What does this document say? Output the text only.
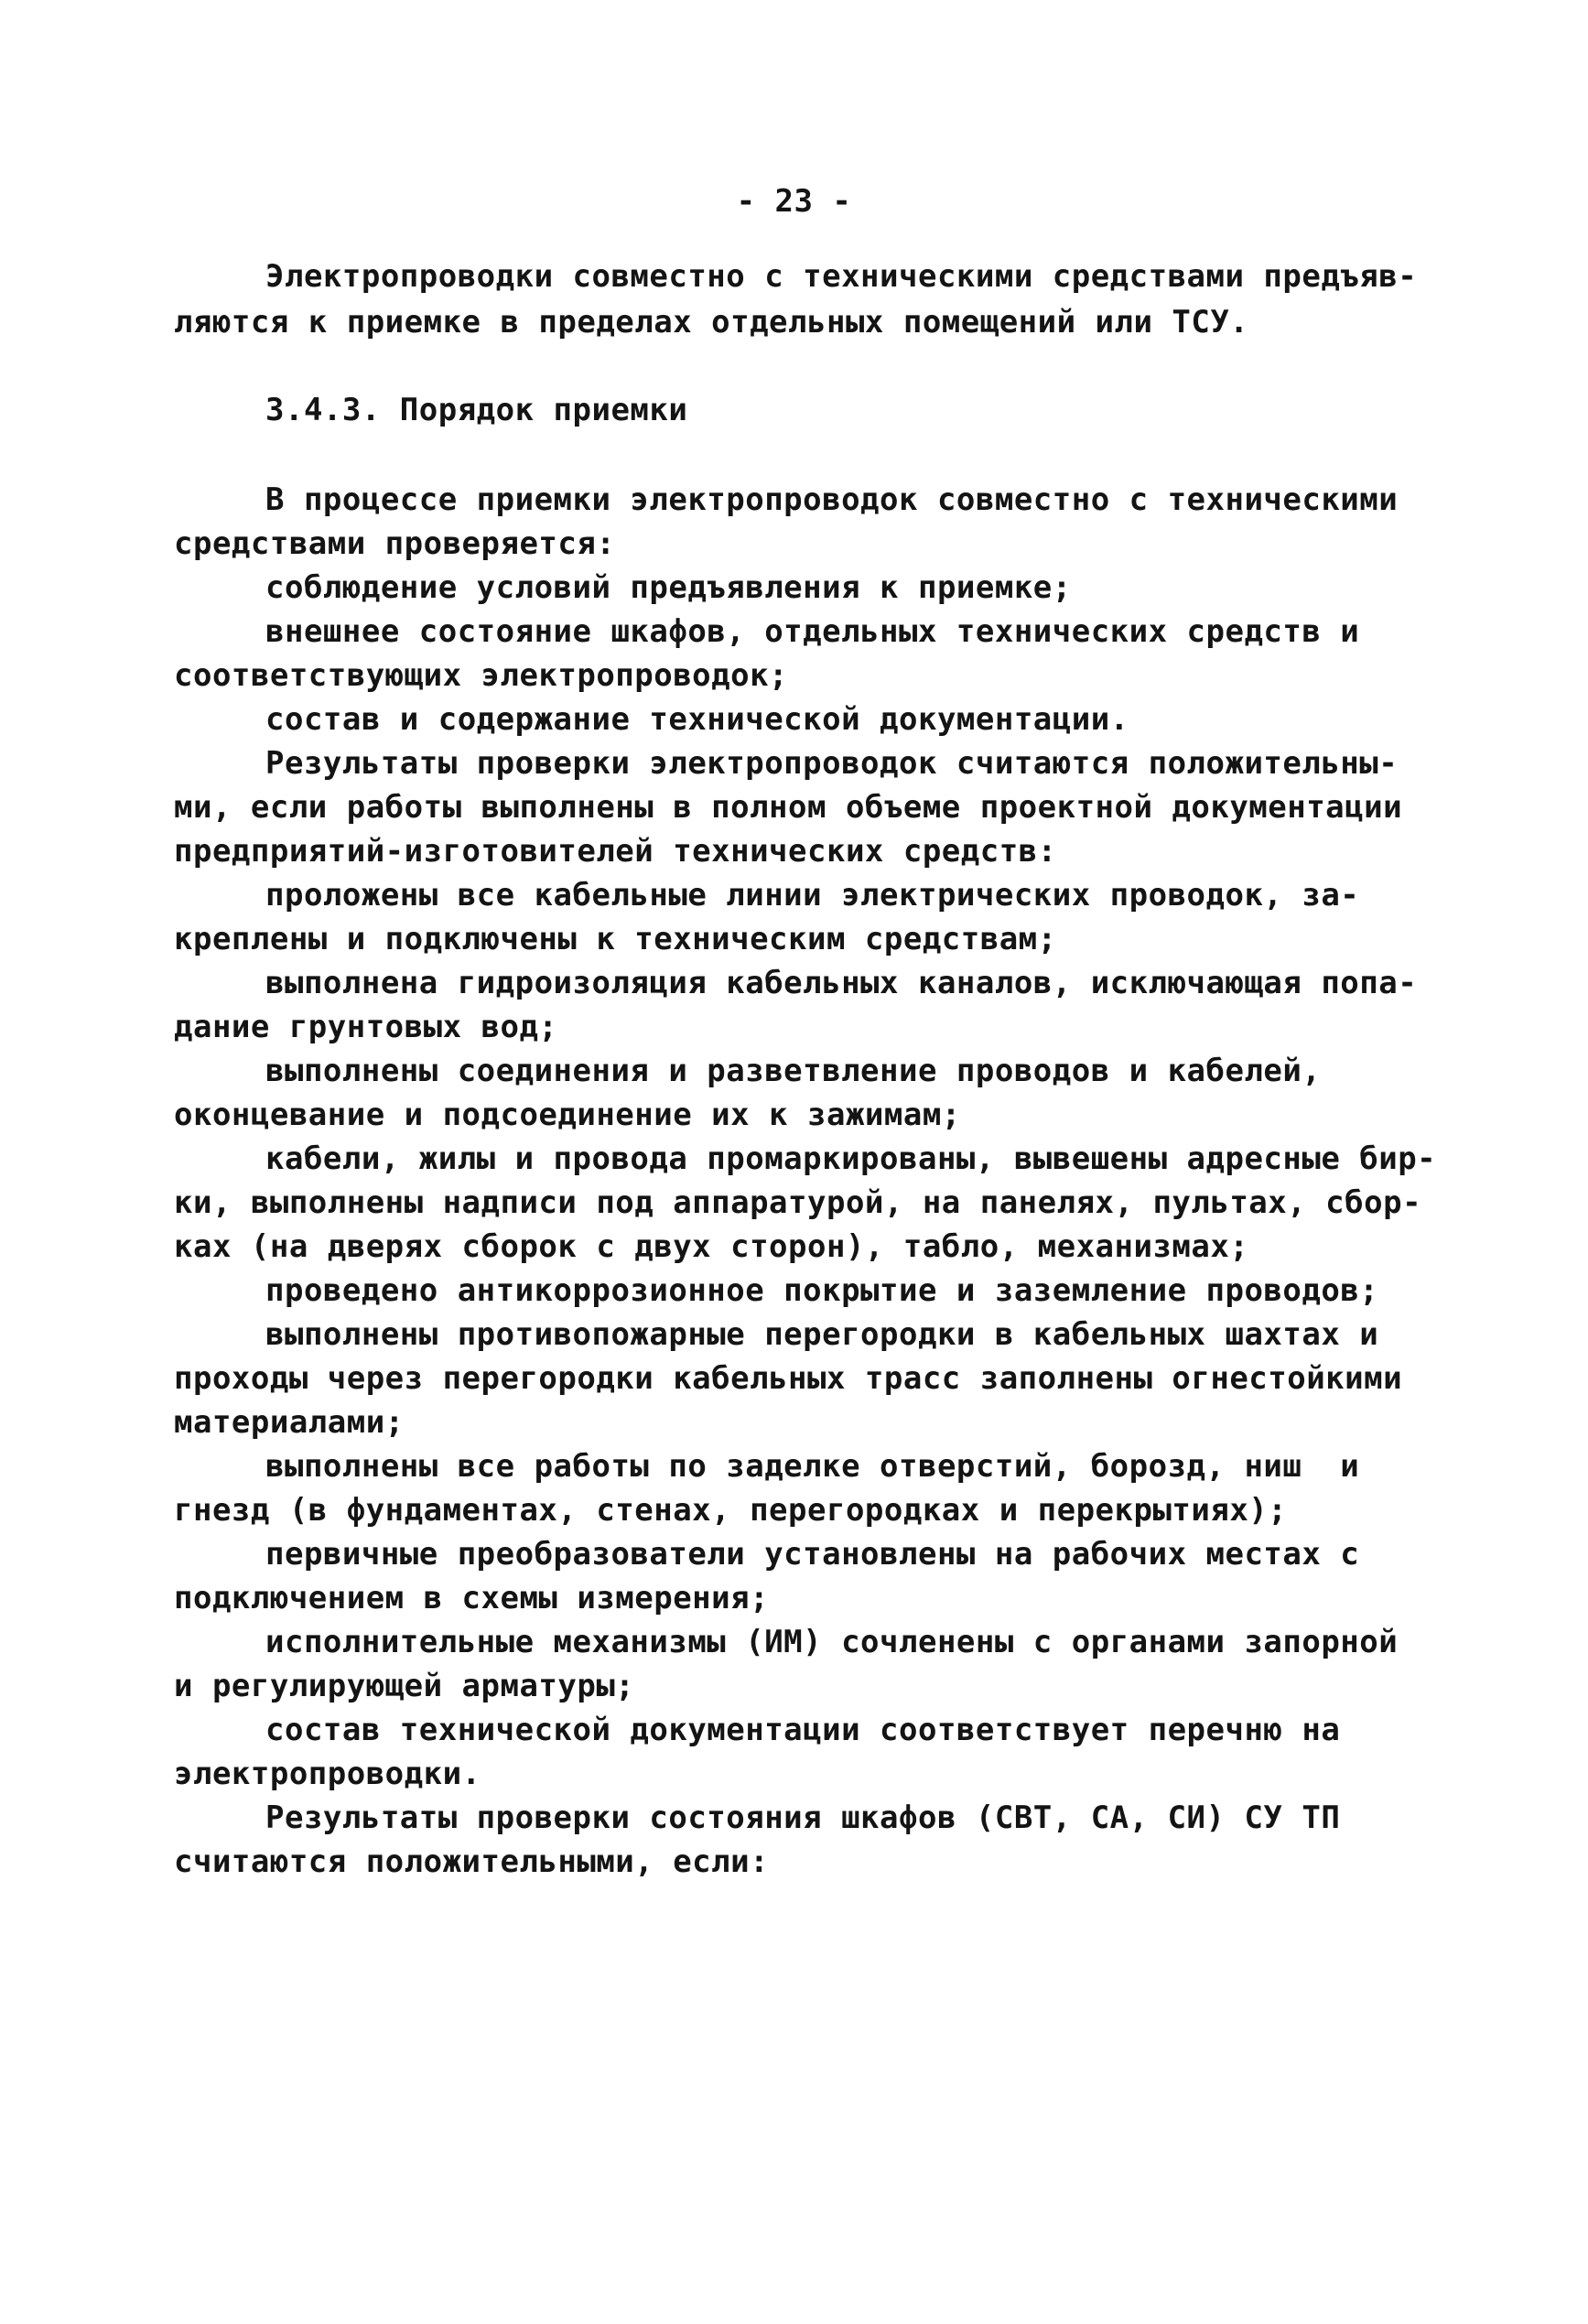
- 23 -
Электропроводки совместно с техническими средствами предъяв-
ляются к приемке в пределах отдельных помещений или ТСУ.
3.4.3. Порядок приемки
В процессе приемки электропроводок совместно с техническими
средствами проверяется:
соблюдение условий предъявления к приемке;
внешнее состояние шкафов, отдельных технических средств и
соответствующих электропроводок;
состав и содержание технической документации.
Результаты проверки электропроводок считаются положительны-
ми, если работы выполнены в полном объеме проектной документации
предприятий-изготовителей технических средств:
проложены все кабельные линии электрических проводок, за-
креплены и подключены к техническим средствам;
выполнена гидроизоляция кабельных каналов, исключающая попа-
дание грунтовых вод;
выполнены соединения и разветвление проводов и кабелей,
оконцевание и подсоединение их к зажимам;
кабели, жилы и провода промаркированы, вывешены адресные бир-
ки, выполнены надписи под аппаратурой, на панелях, пультах, сбор-
ках (на дверях сборок с двух сторон), табло, механизмах;
проведено антикоррозионное покрытие и заземление проводов;
выполнены противопожарные перегородки в кабельных шахтах и
проходы через перегородки кабельных трасс заполнены огнестойкими
материалами;
выполнены все работы по заделке отверстий, борозд, ниш  и
гнезд (в фундаментах, стенах, перегородках и перекрытиях);
первичные преобразователи установлены на рабочих местах с
подключением в схемы измерения;
исполнительные механизмы (ИМ) сочленены с органами запорной
и регулирующей арматуры;
состав технической документации соответствует перечню на
электропроводки.
Результаты проверки состояния шкафов (СВТ, СА, СИ) СУ ТП
считаются положительными, если:
